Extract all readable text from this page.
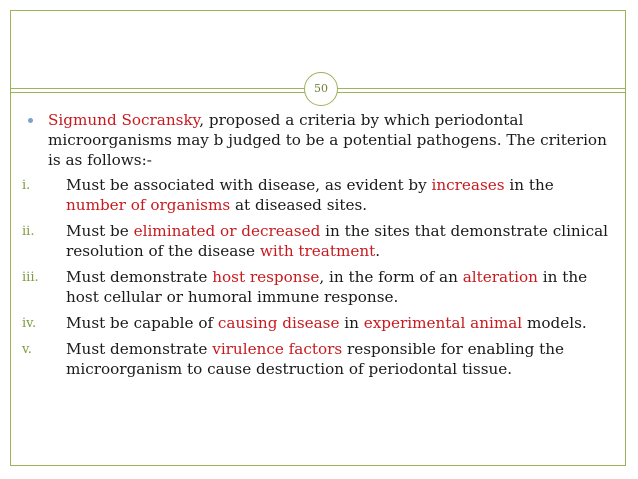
50
Sigmund Socransky, proposed a criteria by which periodontal microorganisms may b judged to be a potential pathogens. The criterion is as follows:-
i. Must be associated with disease, as evident by increases in the number of organisms at diseased sites.
ii. Must be eliminated or decreased in the sites that demonstrate clinical resolution of the disease with treatment.
iii. Must demonstrate host response, in the form of an alteration in the host cellular or humoral immune response.
iv. Must be capable of causing disease in experimental animal models.
v. Must demonstrate virulence factors responsible for enabling the microorganism to cause destruction of periodontal tissue.
